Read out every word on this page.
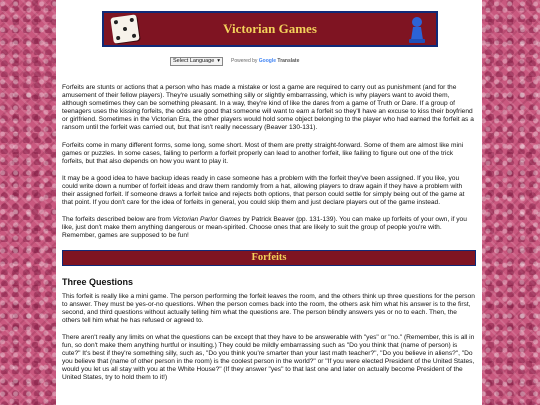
Victorian Games
Select Language ▾ Powered by Google Translate

Forfeits are stunts or actions that a person who has made a mistake or lost a game are required to carry out as punishment (and for the amusement of their fellow players). They're usually something silly or slightly embarrassing, which is why players want to avoid them, although sometimes they can be something pleasant. In a way, they're kind of like the dares from a game of Truth or Dare. If a group of teenagers uses the kissing forfeits, the odds are good that someone will want to earn a forfeit so they'll have an excuse to kiss their boyfriend or girlfriend. Sometimes in the Victorian Era, the other players would hold some object belonging to the player who had earned the forfeit as a ransom until the forfeit was carried out, but that isn't really necessary (Beaver 130-131).

Forfeits come in many different forms, some long, some short. Most of them are pretty straight-forward. Some of them are almost like mini games or puzzles. In some cases, failing to perform a forfeit properly can lead to another forfeit, like failing to figure out one of the trick forfeits, but that also depends on how you want to play it.

It may be a good idea to have backup ideas ready in case someone has a problem with the forfeit they've been assigned. If you like, you could write down a number of forfeit ideas and draw them randomly from a hat, allowing players to draw again if they have a problem with their assigned forfeit. If someone draws a forfeit twice and rejects both options, that person could settle for simply being out of the game at that point. If you don't care for the idea of forfeits in general, you could skip them and just declare players out of the game instead.

The forfeits described below are from Victorian Parlor Games by Patrick Beaver (pp. 131-139). You can make up forfeits of your own, if you like, just don't make them anything dangerous or mean-spirited. Choose ones that are likely to suit the group of people you're with. Remember, games are supposed to be fun!

Forfeits
Three Questions

This forfeit is really like a mini game. The person performing the forfeit leaves the room, and the others think up three questions for the person to answer. They must be yes-or-no questions. When the person comes back into the room, the others ask him what his answer is to the first, second, and third questions without actually telling him what the questions are. The person blindly answers yes or no to each. Then, the others tell him what he has refused or agreed to.

There aren't really any limits on what the questions can be except that they have to be answerable with "yes" or "no." (Remember, this is all in fun, so don't make them anything hurtful or insulting.) They could be mildly embarrassing such as "Do you think that (name of person) is cute?" It's best if they're something silly, such as, "Do you think you're smarter than your last math teacher?", "Do you believe in aliens?", "Do you believe that (name of other person in the room) is the coolest person in the world?" or "If you were elected President of the United States, would you let us all stay with you at the White House?" (If they answer "yes" to that last one and later on actually become President of the United States, try to hold them to it!)
